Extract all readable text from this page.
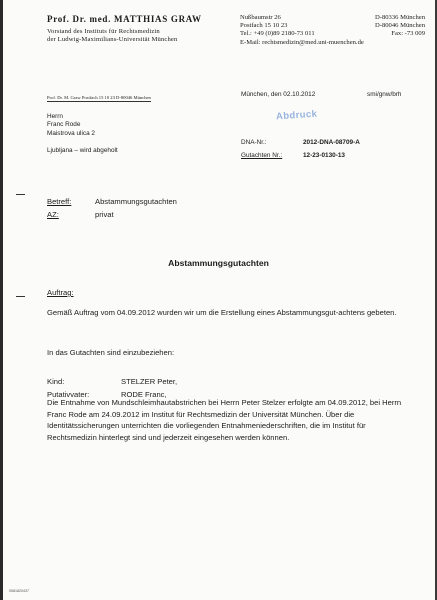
Prof. Dr. med. MATTHIAS GRAW
Vorstand des Instituts für Rechtsmedizin
der Ludwig-Maximilians-Universität München
Nußbaumstr 26	D-80336 München
Postfach 15 10 23	D-80046 München
Tel.: +49 (0)89 2180-73 011	Fax: -73 009
E-Mail: rechtsmedizin@med.uni-muenchen.de
Prof. Dr. M. Graw Postfach 15 10 23 D-80046 München	München, den 02.10.2012	smi/gnw/brh
Herrn
Franc Rode
Maistrova ulica 2
Ljubljana – wird abgeholt
Abdruck
DNA-Nr.:	2012-DNA-08709-A
Gutachten Nr.:	12-23-0130-13
Betreff:	Abstammungsgutachten
AZ:	privat
Abstammungsgutachten
Auftrag:
Gemäß Auftrag vom 04.09.2012 wurden wir um die Erstellung eines Abstammungsgut-achtens gebeten.
In das Gutachten sind einzubeziehen:
Kind:	STELZER Peter,
Putativvater:	RODE Franc,
Die Entnahme von Mundschleimhautabstrichen bei Herrn Peter Stelzer erfolgte am 04.09.2012, bei Herrn Franc Rode am 24.09.2012 im Institut für Rechtsmedizin der Universität München. Über die Identitätssicherungen unterrichten die vorliegenden Entnahmeniederschriften, die im Institut für Rechtsmedizin hinterlegt sind und jederzeit eingesehen werden können.
0581820437
